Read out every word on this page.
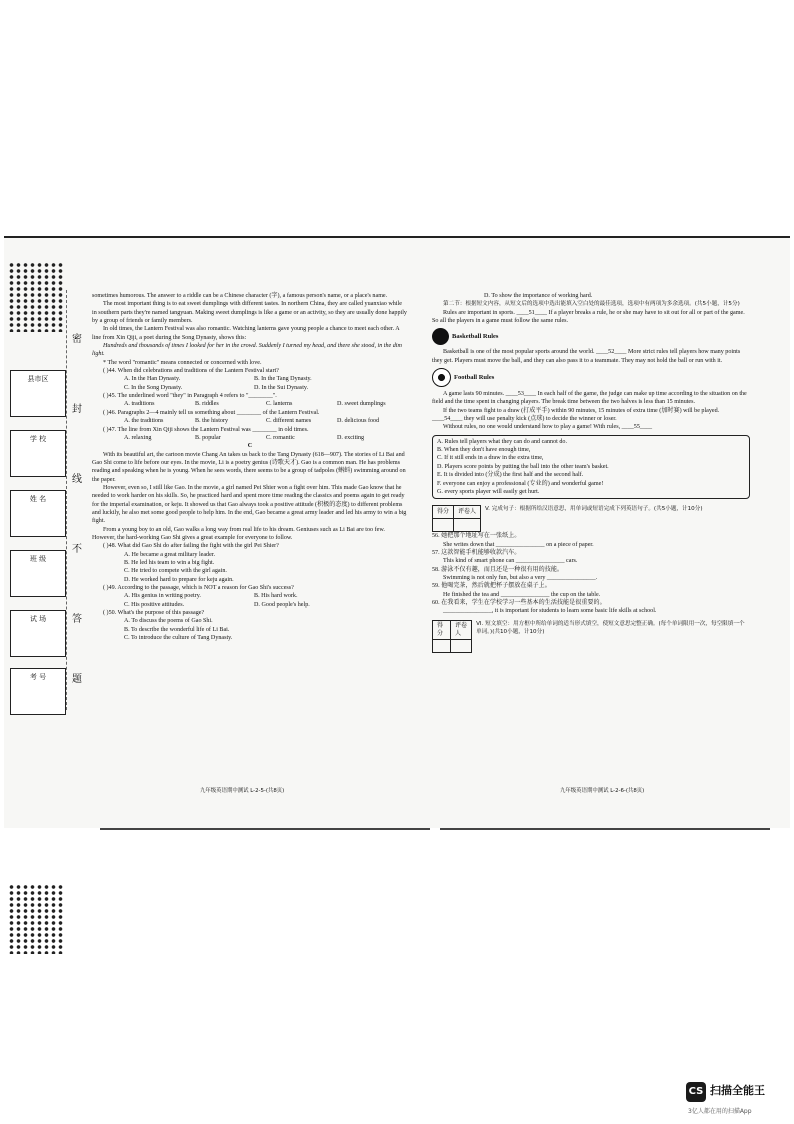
密
封
线
不
答
题
县市区
学 校
姓 名
班 级
试 场
考 号

sometimes humorous. The answer to a riddle can be a Chinese character (字), a famous person's name, or a place's name.

The most important thing is to eat sweet dumplings with different tastes. In northern China, they are called yuanxiao while in southern parts they're named tangyuan. Making sweet dumplings is like a game or an activity, so they are usually done happily by a group of friends or family members.

In old times, the Lantern Festival was also romantic. Watching lanterns gave young people a chance to meet each other. A line from Xin Qiji, a poet during the Song Dynasty, shows this:

Hundreds and thousands of times I looked for her in the crowd. Suddenly I turned my head, and there she stood, in the dim light.

* The word "romantic" means connected or concerned with love.

( )44. When did celebrations and traditions of the Lantern Festival start?

A. In the Han Dynasty.	B. In the Tang Dynasty.
C. In the Song Dynasty.	D. In the Sui Dynasty.

( )45. The underlined word "they" in Paragraph 4 refers to "________".

A. traditions	B. riddles	C. lanterns	D. sweet dumplings

( )46. Paragraphs 2—4 mainly tell us something about ________ of the Lantern Festival.

A. the traditions	B. the history	C. different names	D. delicious food

( )47. The line from Xin Qiji shows the Lantern Festival was ________ in old times.

A. relaxing	B. popular	C. romantic	D. exciting

C

With its beautiful art, the cartoon movie Chang An takes us back to the Tang Dynasty (618—907). The stories of Li Bai and Gao Shi come to life before our eyes. In the movie, Li is a poetry genius (诗歌天才). Gao is a common man. He has problems reading and speaking when he is young. When he sees words, there seems to be a group of tadpoles (蝌蚪) swimming around on the paper.

However, even so, I still like Gao. In the movie, a girl named Pei Shier won a fight over him. This made Gao know that he needed to work harder on his skills. So, he practiced hard and spent more time reading the classics and poems again to get ready for the imperial examination, or keju. It showed us that Gao always took a positive attitude (积极的态度) to different problems and luckily, he also met some good people to help him. In the end, Gao became a great army leader and led his army to win a big fight.

From a young boy to an old, Gao walks a long way from real life to his dream. Geniuses such as Li Bai are too few. However, the hard-working Gao Shi gives a great example for everyone to follow.

( )48. What did Gao Shi do after failing the fight with the girl Pei Shier?

A. He became a great military leader.

B. He led his team to win a big fight.

C. He tried to compete with the girl again.

D. He worked hard to prepare for keju again.

( )49. According to the passage, which is NOT a reason for Gao Shi's success?

A. His genius in writing poetry.	B. His hard work.
C. His positive attitudes.	D. Good people's help.

( )50. What's the purpose of this passage?

A. To discuss the poems of Gao Shi.

B. To describe the wonderful life of Li Bai.

C. To introduce the culture of Tang Dynasty.

九年级英语期中测试 L-2-5-(共8页)

D. To show the importance of working hard.

第二节：根据短文内容，从短文后的选项中选出能填入空白处的最佳选项，选项中有两项为多余选项。(共5小题，计5分)

Rules are important in sports. ____51____ If a player breaks a rule, he or she may have to sit out for all or part of the game. So all the players in a game must follow the same rules.

Basketball Rules

Basketball is one of the most popular sports around the world. ____52____ More strict rules tell players how many points they get. Players must move the ball, and they can also pass it to a teammate. They may not hold the ball or run with it.

Football Rules

A game lasts 90 minutes. ____53____ In each half of the game, the judge can make up time according to the situation on the field and the time spent in changing players. The break time between the two halves is less than 15 minutes.

If the two teams fight to a draw (打成平手) within 90 minutes, 15 minutes of extra time (加时赛) will be played. ____54____ they will use penalty kick (点球) to decide the winner or loser.

Without rules, no one would understand how to play a game! With rules, ____55____

A. Rules tell players what they can do and cannot do.

B. When they don't have enough time,

C. If it still ends in a draw in the extra time,

D. Players score points by putting the ball into the other team's basket.

E. It is divided into (分成) the first half and the second half.

F. everyone can enjoy a professional (专业的) and wonderful game!

G. every sports player will easily get hurt.

得分	评卷人
	V. 完成句子：根据所给汉语意思，用单词或短语完成下列英语句子。(共5小题，计10分)

56. 她把那个地址写在一张纸上。

She writes down that ________________ on a piece of paper.

57. 这款智能手机能够收款汽车。

This kind of smart phone can ________________ cars.

58. 游泳不仅有趣，而且还是一种很有用的技能。

Swimming is not only fun, but also a very ________________.

59. 他喝完茶，然后就把杯子摆放在桌子上。

He finished the tea and ________________ the cup on the table.

60. 在我看来，学生在学校学习一些基本的生活技能是很重要的。

________________, it is important for students to learn some basic life skills at school.

得分	评卷人

VI. 短文填空：用方框中所给单词的适当形式填空，使短文意思完整正确。(每个单词限用一次，每空限填一个单词。)(共10小题，计10分)

九年级英语期中测试 L-2-6-(共8页)
CS 扫描全能王
3亿人都在用的扫描App
